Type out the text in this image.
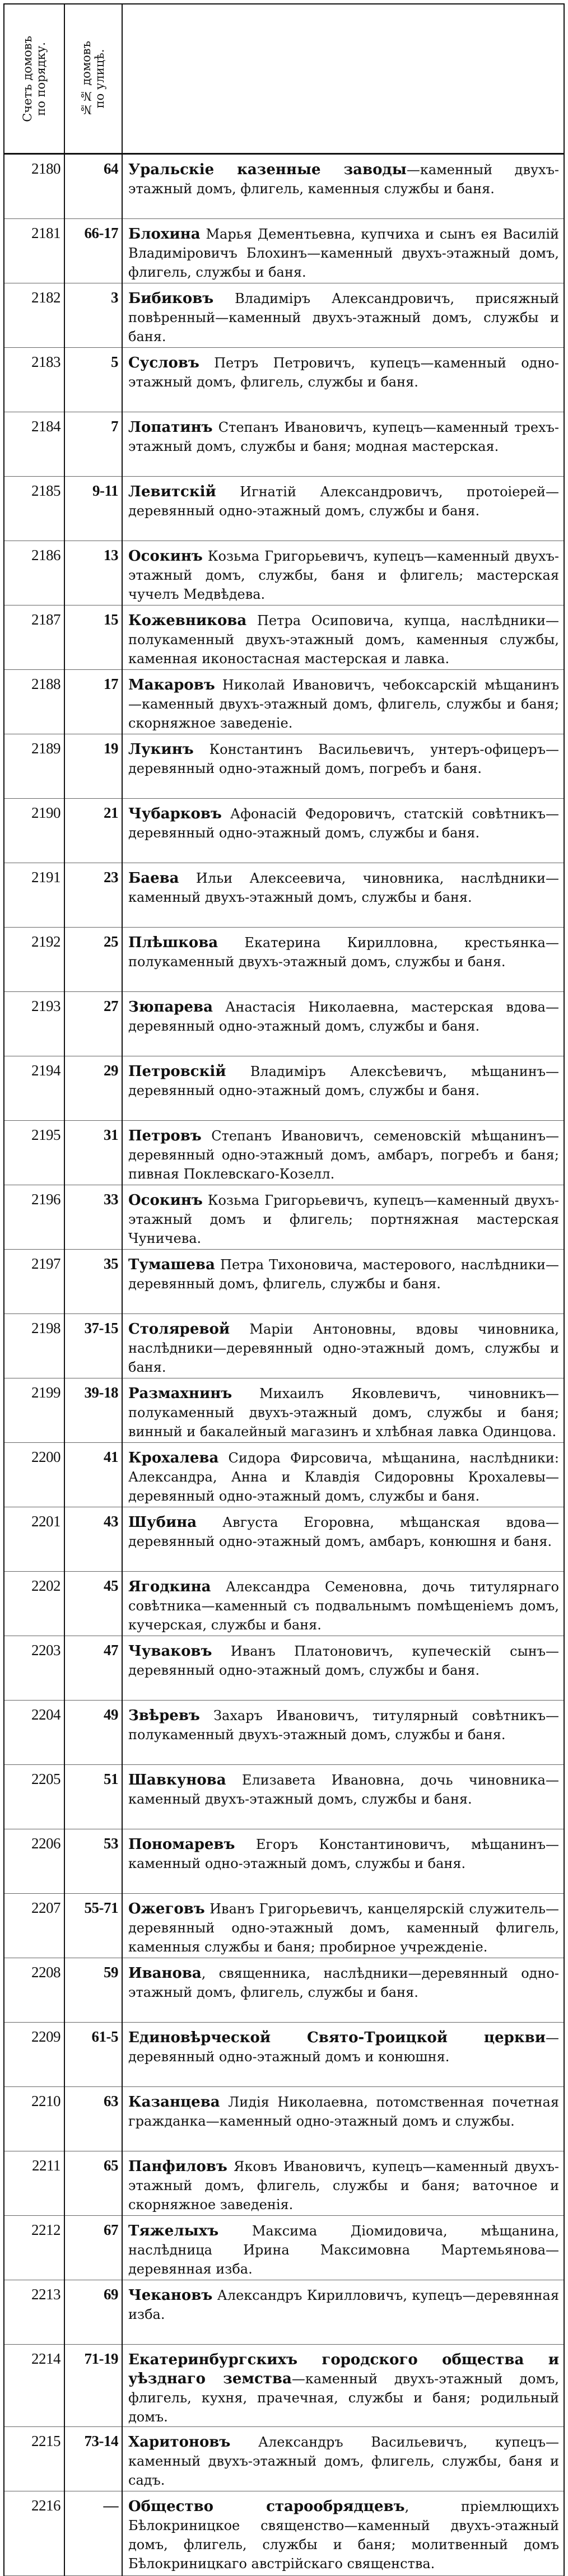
Счетъ домовъ
по порядку.	№№ домовъ
по улицѣ.	

2180	64	Уральскіе казенные заводы—каменный двухъ-этажный домъ, флигель, каменныя службы и баня.
2181	66-17	Блохина Марья Дементьевна, купчиха и сынъ ея Василій Владиміровичъ Блохинъ—каменный двухъ-этажный домъ, флигель, службы и баня.
2182	3	Бибиковъ Владиміръ Александровичъ, присяжный повѣренный—каменный двухъ-этажный домъ, службы и баня.
2183	5	Сусловъ Петръ Петровичъ, купецъ—каменный одно-этажный домъ, флигель, службы и баня.
2184	7	Лопатинъ Степанъ Ивановичъ, купецъ—каменный трехъ-этажный домъ, службы и баня; модная мастерская.
2185	9-11	Левитскій Игнатій Александровичъ, протоіерей—деревянный одно-этажный домъ, службы и баня.
2186	13	Осокинъ Козьма Григорьевичъ, купецъ—каменный двухъ-этажный домъ, службы, баня и флигель; мастерская чучелъ Медвѣдева.
2187	15	Кожевникова Петра Осиповича, купца, наслѣдники—полукаменный двухъ-этажный домъ, каменныя службы, каменная иконостасная мастерская и лавка.
2188	17	Макаровъ Николай Ивановичъ, чебоксарскій мѣщанинъ—каменный двухъ-этажный домъ, флигель, службы и баня; скорняжное заведеніе.
2189	19	Лукинъ Константинъ Васильевичъ, унтеръ-офицеръ—деревянный одно-этажный домъ, погребъ и баня.
2190	21	Чубарковъ Афонасій Федоровичъ, статскій совѣтникъ—деревянный одно-этажный домъ, службы и баня.
2191	23	Баева Ильи Алексеевича, чиновника, наслѣдники—каменный двухъ-этажный домъ, службы и баня.
2192	25	Плѣшкова Екатерина Кирилловна, крестьянка—полукаменный двухъ-этажный домъ, службы и баня.
2193	27	Зюпарева Анастасія Николаевна, мастерская вдова—деревянный одно-этажный домъ, службы и баня.
2194	29	Петровскій Владиміръ Алексѣевичъ, мѣщанинъ—деревянный одно-этажный домъ, службы и баня.
2195	31	Петровъ Степанъ Ивановичъ, семеновскій мѣщанинъ—деревянный одно-этажный домъ, амбаръ, погребъ и баня; пивная Поклевскаго-Козелл.
2196	33	Осокинъ Козьма Григорьевичъ, купецъ—каменный двухъ-этажный домъ и флигель; портняжная мастерская Чуничева.
2197	35	Тумашева Петра Тихоновича, мастерового, наслѣдники—деревянный домъ, флигель, службы и баня.
2198	37-15	Столяревой Маріи Антоновны, вдовы чиновника, наслѣдники—деревянный одно-этажный домъ, службы и баня.
2199	39-18	Размахнинъ Михаилъ Яковлевичъ, чиновникъ—полукаменный двухъ-этажный домъ, службы и баня; винный и бакалейный магазинъ и хлѣбная лавка Одинцова.
2200	41	Крохалева Сидора Фирсовича, мѣщанина, наслѣдники: Александра, Анна и Клавдія Сидоровны Крохалевы—деревянный одно-этажный домъ, службы и баня.
2201	43	Шубина Августа Егоровна, мѣщанская вдова—деревянный одно-этажный домъ, амбаръ, конюшня и баня.
2202	45	Ягодкина Александра Семеновна, дочь титулярнаго совѣтника—каменный съ подвальнымъ помѣщеніемъ домъ, кучерская, службы и баня.
2203	47	Чуваковъ Иванъ Платоновичъ, купеческій сынъ—деревянный одно-этажный домъ, службы и баня.
2204	49	Звѣревъ Захаръ Ивановичъ, титулярный совѣтникъ—полукаменный двухъ-этажный домъ, службы и баня.
2205	51	Шавкунова Елизавета Ивановна, дочь чиновника—каменный двухъ-этажный домъ, службы и баня.
2206	53	Пономаревъ Егоръ Константиновичъ, мѣщанинъ—каменный одно-этажный домъ, службы и баня.
2207	55-71	Ожеговъ Иванъ Григорьевичъ, канцелярскій служитель—деревянный одно-этажный домъ, каменный флигель, каменныя службы и баня; пробирное учрежденіе.
2208	59	Иванова, священника, наслѣдники—деревянный одно-этажный домъ, флигель, службы и баня.
2209	61-5	Единовѣрческой Свято-Троицкой церкви—деревянный одно-этажный домъ и конюшня.
2210	63	Казанцева Лидія Николаевна, потомственная почетная гражданка—каменный одно-этажный домъ и службы.
2211	65	Панфиловъ Яковъ Ивановичъ, купецъ—каменный двухъ-этажный домъ, флигель, службы и баня; ваточное и скорняжное заведенія.
2212	67	Тяжелыхъ Максима Діомидовича, мѣщанина, наслѣдница Ирина Максимовна Мартемьянова—деревянная изба.
2213	69	Чекановъ Александръ Кирилловичъ, купецъ—деревянная изба.
2214	71-19	Екатеринбургскихъ городского общества и уѣзднаго земства—каменный двухъ-этажный домъ, флигель, кухня, прачечная, службы и баня; родильный домъ.
2215	73-14	Харитоновъ Александръ Васильевичъ, купецъ—каменный двухъ-этажный домъ, флигель, службы, баня и садъ.
2216	—	Общество старообрядцевъ, пріемлющихъ Бѣлокриницкое священство—каменный двухъ-этажный домъ, флигель, службы и баня; молитвенный домъ Бѣлокриницкаго австрійскаго священства.
